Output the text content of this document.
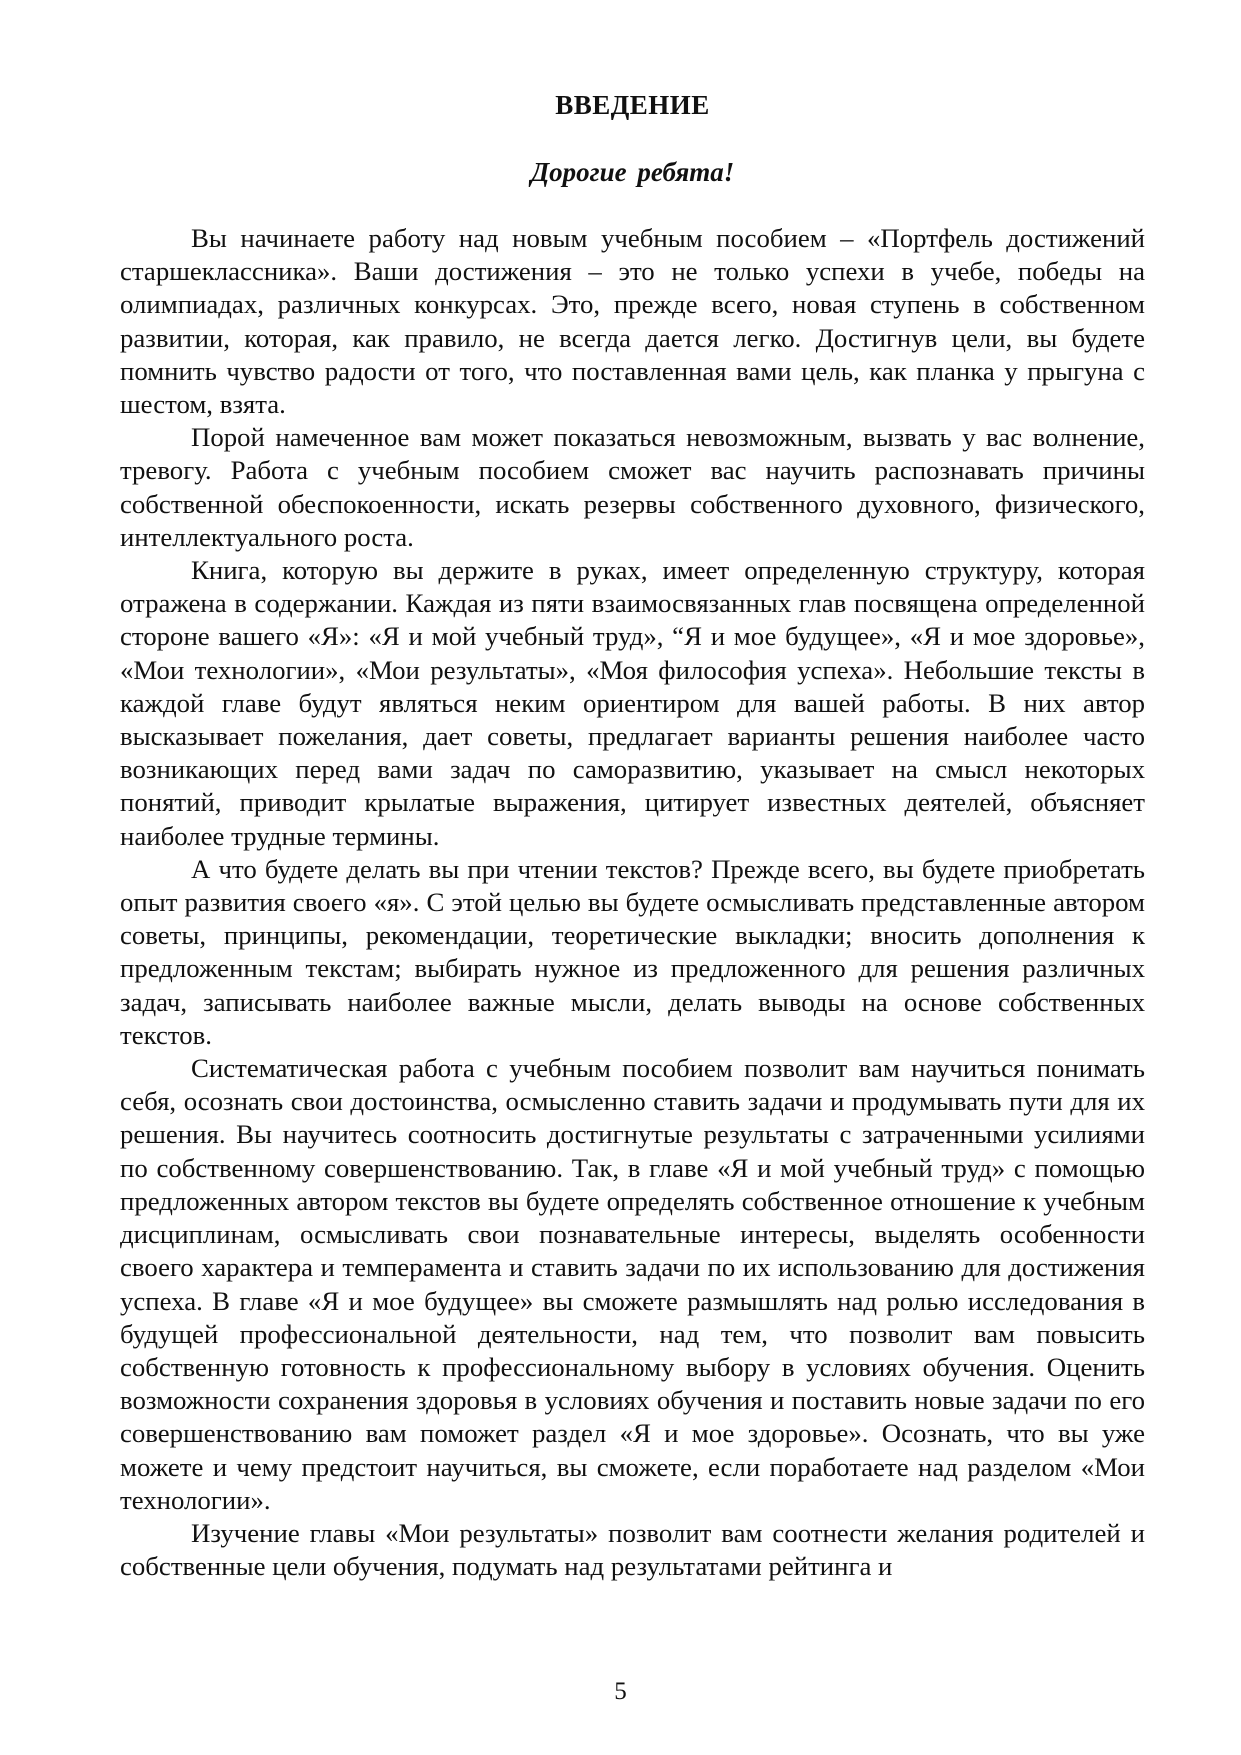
ВВЕДЕНИЕ
Дорогие ребята!

Вы начинаете работу над новым учебным пособием – «Портфель достижений старшеклассника». Ваши достижения – это не только успехи в учебе, победы на олимпиадах, различных конкурсах. Это, прежде всего, новая ступень в собственном развитии, которая, как правило, не всегда дается легко. Достигнув цели, вы будете помнить чувство радости от того, что поставленная вами цель, как планка у прыгуна с шестом, взята.

Порой намеченное вам может показаться невозможным, вызвать у вас волнение, тревогу. Работа с учебным пособием сможет вас научить распознавать причины собственной обеспокоенности, искать резервы собственного духовного, физического, интеллектуального роста.

Книга, которую вы держите в руках, имеет определенную структуру, которая отражена в содержании. Каждая из пяти взаимосвязанных глав посвящена определенной стороне вашего «Я»: «Я и мой учебный труд», “Я и мое будущее», «Я и мое здоровье», «Мои технологии», «Мои результаты», «Моя философия успеха». Небольшие тексты в каждой главе будут являться неким ориентиром для вашей работы. В них автор высказывает пожелания, дает советы, предлагает варианты решения наиболее часто возникающих перед вами задач по саморазвитию, указывает на смысл некоторых понятий, приводит крылатые выражения, цитирует известных деятелей, объясняет наиболее трудные термины.

А что будете делать вы при чтении текстов? Прежде всего, вы будете приобретать опыт развития своего «я». С этой целью вы будете осмысливать представленные автором советы, принципы, рекомендации, теоретические выкладки; вносить дополнения к предложенным текстам; выбирать нужное из предложенного для решения различных задач, записывать наиболее важные мысли, делать выводы на основе собственных текстов.

Систематическая работа с учебным пособием позволит вам научиться понимать себя, осознать свои достоинства, осмысленно ставить задачи и продумывать пути для их решения. Вы научитесь соотносить достигнутые результаты с затраченными усилиями по собственному совершенствованию. Так, в главе «Я и мой учебный труд» с помощью предложенных автором текстов вы будете определять собственное отношение к учебным дисциплинам, осмысливать свои познавательные интересы, выделять особенности своего характера и темперамента и ставить задачи по их использованию для достижения успеха. В главе «Я и мое будущее» вы сможете размышлять над ролью исследования в будущей профессиональной деятельности, над тем, что позволит вам повысить собственную готовность к профессиональному выбору в условиях обучения. Оценить возможности сохранения здоровья в условиях обучения и поставить новые задачи по его совершенствованию вам поможет раздел «Я и мое здоровье». Осознать, что вы уже можете и чему предстоит научиться, вы сможете, если поработаете над разделом «Мои технологии».

Изучение главы «Мои результаты» позволит вам соотнести желания родителей и собственные цели обучения, подумать над результатами рейтинга и

5
